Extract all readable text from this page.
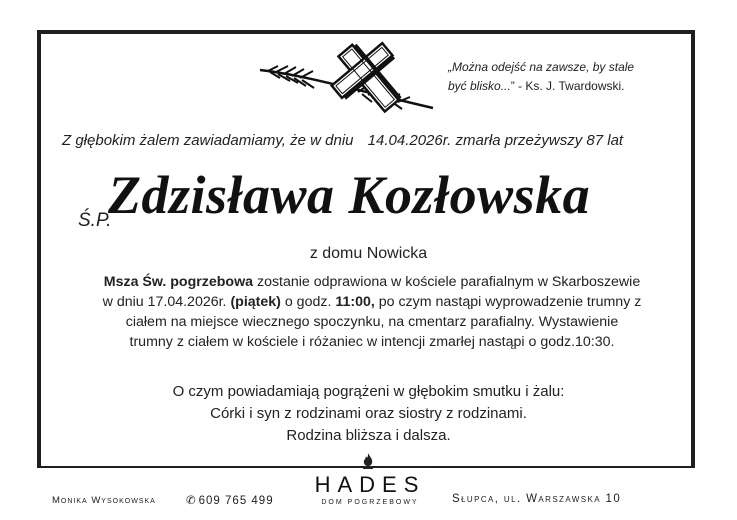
„Można odejść na zawsze, by stale
być blisko...” - Ks. J. Twardowski.
Z głębokim żalem zawiadamiamy, że w dniu 14.04.2026r. zmarła przeżywszy 87 lat
Ś.P.
Zdzisława Kozłowska
z domu Nowicka
Msza Św. pogrzebowa zostanie odprawiona w kościele parafialnym w Skarboszewie
w dniu 17.04.2026r. (piątek) o godz. 11:00, po czym nastąpi wyprowadzenie trumny z
ciałem na miejsce wiecznego spoczynku, na cmentarz parafialny. Wystawienie
trumny z ciałem w kościele i różaniec w intencji zmarłej nastąpi o godz.10:30.
O czym powiadamiają pogrążeni w głębokim smutku i żalu:
Córki i syn z rodzinami oraz siostry z rodzinami.
Rodzina bliższa i dalsza.
Monika Wysokowska	✆ 609 765 499
HADES
DOM POGRZEBOWY	Słupca, ul. Warszawska 10
